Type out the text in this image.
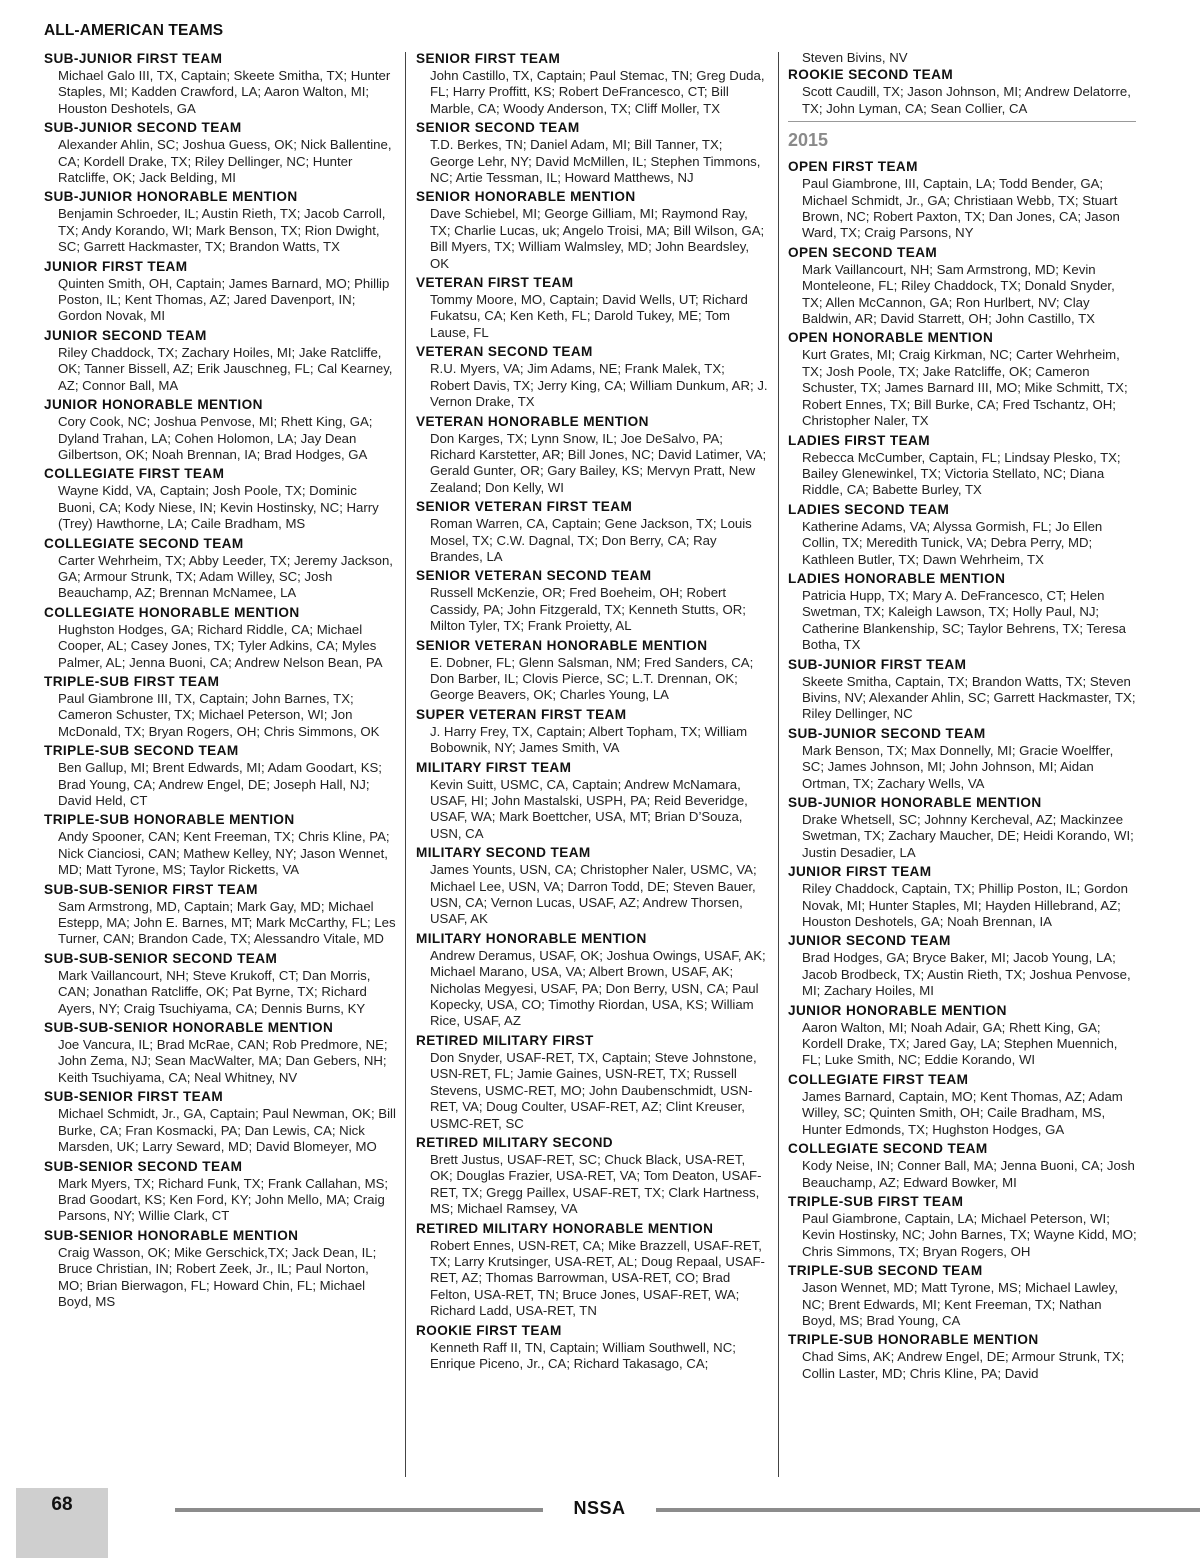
ALL-AMERICAN TEAMS
SUB-JUNIOR FIRST TEAM
Michael Galo III, TX, Captain; Skeete Smitha, TX; Hunter Staples, MI; Kadden Crawford, LA; Aaron Walton, MI; Houston Deshotels, GA
SUB-JUNIOR SECOND TEAM
Alexander Ahlin, SC; Joshua Guess, OK; Nick Ballentine, CA; Kordell Drake, TX; Riley Dellinger, NC; Hunter Ratcliffe, OK; Jack Belding, MI
SUB-JUNIOR HONORABLE MENTION
Benjamin Schroeder, IL; Austin Rieth, TX; Jacob Carroll, TX; Andy Korando, WI; Mark Benson, TX; Rion Dwight, SC; Garrett Hackmaster, TX; Brandon Watts, TX
JUNIOR FIRST TEAM
Quinten Smith, OH, Captain; James Barnard, MO; Phillip Poston, IL; Kent Thomas, AZ; Jared Davenport, IN; Gordon Novak, MI
JUNIOR SECOND TEAM
Riley Chaddock, TX; Zachary Hoiles, MI; Jake Ratcliffe, OK; Tanner Bissell, AZ; Erik Jauschneg, FL; Cal Kearney, AZ; Connor Ball, MA
JUNIOR HONORABLE MENTION
Cory Cook, NC; Joshua Penvose, MI; Rhett King, GA; Dyland Trahan, LA; Cohen Holomon, LA; Jay Dean Gilbertson, OK; Noah Brennan, IA; Brad Hodges, GA
COLLEGIATE FIRST TEAM
Wayne Kidd, VA, Captain; Josh Poole, TX; Dominic Buoni, CA; Kody Niese, IN; Kevin Hostinsky, NC; Harry (Trey) Hawthorne, LA; Caile Bradham, MS
COLLEGIATE SECOND TEAM
Carter Wehrheim, TX; Abby Leeder, TX; Jeremy Jackson, GA; Armour Strunk, TX; Adam Willey, SC; Josh Beauchamp, AZ; Brennan McNamee, LA
COLLEGIATE HONORABLE MENTION
Hughston Hodges, GA; Richard Riddle, CA; Michael Cooper, AL; Casey Jones, TX; Tyler Adkins, CA; Myles Palmer, AL; Jenna Buoni, CA; Andrew Nelson Bean, PA
TRIPLE-SUB FIRST TEAM
Paul Giambrone III, TX, Captain; John Barnes, TX; Cameron Schuster, TX; Michael Peterson, WI; Jon McDonald, TX; Bryan Rogers, OH; Chris Simmons, OK
TRIPLE-SUB SECOND TEAM
Ben Gallup, MI; Brent Edwards, MI; Adam Goodart, KS; Brad Young, CA; Andrew Engel, DE; Joseph Hall, NJ; David Held, CT
TRIPLE-SUB HONORABLE MENTION
Andy Spooner, CAN; Kent Freeman, TX; Chris Kline, PA; Nick Cianciosi, CAN; Mathew Kelley, NY; Jason Wennet, MD; Matt Tyrone, MS; Taylor Ricketts, VA
SUB-SUB-SENIOR FIRST TEAM
Sam Armstrong, MD, Captain; Mark Gay, MD; Michael Estepp, MA; John E. Barnes, MT; Mark McCarthy, FL; Les Turner, CAN; Brandon Cade, TX; Alessandro Vitale, MD
SUB-SUB-SENIOR SECOND TEAM
Mark Vaillancourt, NH; Steve Krukoff, CT; Dan Morris, CAN; Jonathan Ratcliffe, OK; Pat Byrne, TX; Richard Ayers, NY; Craig Tsuchiyama, CA; Dennis Burns, KY
SUB-SUB-SENIOR HONORABLE MENTION
Joe Vancura, IL; Brad McRae, CAN; Rob Predmore, NE; John Zema, NJ; Sean MacWalter, MA; Dan Gebers, NH; Keith Tsuchiyama, CA; Neal Whitney, NV
SUB-SENIOR FIRST TEAM
Michael Schmidt, Jr., GA, Captain; Paul Newman, OK; Bill Burke, CA; Fran Kosmacki, PA; Dan Lewis, CA; Nick Marsden, UK; Larry Seward, MD; David Blomeyer, MO
SUB-SENIOR SECOND TEAM
Mark Myers, TX; Richard Funk, TX; Frank Callahan, MS; Brad Goodart, KS; Ken Ford, KY; John Mello, MA; Craig Parsons, NY; Willie Clark, CT
SUB-SENIOR HONORABLE MENTION
Craig Wasson, OK; Mike Gerschick,TX; Jack Dean, IL; Bruce Christian, IN; Robert Zeek, Jr., IL; Paul Norton, MO; Brian Bierwagon, FL; Howard Chin, FL; Michael Boyd, MS
SENIOR FIRST TEAM
John Castillo, TX, Captain; Paul Stemac, TN; Greg Duda, FL; Harry Proffitt, KS; Robert DeFrancesco, CT; Bill Marble, CA; Woody Anderson, TX; Cliff Moller, TX
SENIOR SECOND TEAM
T.D. Berkes, TN; Daniel Adam, MI; Bill Tanner, TX; George Lehr, NY; David McMillen, IL; Stephen Timmons, NC; Artie Tessman, IL; Howard Matthews, NJ
SENIOR HONORABLE MENTION
Dave Schiebel, MI; George Gilliam, MI; Raymond Ray, TX; Charlie Lucas, uk; Angelo Troisi, MA; Bill Wilson, GA; Bill Myers, TX; William Walmsley, MD; John Beardsley, OK
VETERAN FIRST TEAM
Tommy Moore, MO, Captain; David Wells, UT; Richard Fukatsu, CA; Ken Keth, FL; Darold Tukey, ME; Tom Lause, FL
VETERAN SECOND TEAM
R.U. Myers, VA; Jim Adams, NE; Frank Malek, TX; Robert Davis, TX; Jerry King, CA; William Dunkum, AR; J. Vernon Drake, TX
VETERAN HONORABLE MENTION
Don Karges, TX; Lynn Snow, IL; Joe DeSalvo, PA; Richard Karstetter, AR; Bill Jones, NC; David Latimer, VA; Gerald Gunter, OR; Gary Bailey, KS; Mervyn Pratt, New Zealand; Don Kelly, WI
SENIOR VETERAN FIRST TEAM
Roman Warren, CA, Captain; Gene Jackson, TX; Louis Mosel, TX; C.W. Dagnal, TX; Don Berry, CA; Ray Brandes, LA
SENIOR VETERAN SECOND TEAM
Russell McKenzie, OR; Fred Boeheim, OH; Robert Cassidy, PA; John Fitzgerald, TX; Kenneth Stutts, OR; Milton Tyler, TX; Frank Proietty, AL
SENIOR VETERAN HONORABLE MENTION
E. Dobner, FL; Glenn Salsman, NM; Fred Sanders, CA; Don Barber, IL; Clovis Pierce, SC; L.T. Drennan, OK; George Beavers, OK; Charles Young, LA
SUPER VETERAN FIRST TEAM
J. Harry Frey, TX, Captain; Albert Topham, TX; William Bobownik, NY; James Smith, VA
MILITARY FIRST TEAM
Kevin Suitt, USMC, CA, Captain; Andrew McNamara, USAF, HI; John Mastalski, USPH, PA; Reid Beveridge, USAF, WA; Mark Boettcher, USA, MT; Brian D’Souza, USN, CA
MILITARY SECOND TEAM
James Younts, USN, CA; Christopher Naler, USMC, VA; Michael Lee, USN, VA; Darron Todd, DE; Steven Bauer, USN, CA; Vernon Lucas, USAF, AZ; Andrew Thorsen, USAF, AK
MILITARY HONORABLE MENTION
Andrew Deramus, USAF, OK; Joshua Owings, USAF, AK; Michael Marano, USA, VA; Albert Brown, USAF, AK; Nicholas Megyesi, USAF, PA; Don Berry, USN, CA; Paul Kopecky, USA, CO; Timothy Riordan, USA, KS; William Rice, USAF, AZ
RETIRED MILITARY FIRST
Don Snyder, USAF-RET, TX, Captain; Steve Johnstone, USN-RET, FL; Jamie Gaines, USN-RET, TX; Russell Stevens, USMC-RET, MO; John Daubenschmidt, USN-RET, VA; Doug Coulter, USAF-RET, AZ; Clint Kreuser, USMC-RET, SC
RETIRED MILITARY SECOND
Brett Justus, USAF-RET, SC; Chuck Black, USA-RET, OK; Douglas Frazier, USA-RET, VA; Tom Deaton, USAF-RET, TX; Gregg Paillex, USAF-RET, TX; Clark Hartness, MS; Michael Ramsey, VA
RETIRED MILITARY HONORABLE MENTION
Robert Ennes, USN-RET, CA; Mike Brazzell, USAF-RET, TX; Larry Krutsinger, USA-RET, AL; Doug Repaal, USAF-RET, AZ; Thomas Barrowman, USA-RET, CO; Brad Felton, USA-RET, TN; Bruce Jones, USAF-RET, WA; Richard Ladd, USA-RET, TN
ROOKIE FIRST TEAM
Kenneth Raff II, TN, Captain; William Southwell, NC; Enrique Piceno, Jr., CA; Richard Takasago, CA;
Steven Bivins, NV
ROOKIE SECOND TEAM
Scott Caudill, TX; Jason Johnson, MI; Andrew Delatorre, TX; John Lyman, CA; Sean Collier, CA
2015
OPEN FIRST TEAM
Paul Giambrone, III, Captain, LA; Todd Bender, GA; Michael Schmidt, Jr., GA; Christiaan Webb, TX; Stuart Brown, NC; Robert Paxton, TX; Dan Jones, CA; Jason Ward, TX; Craig Parsons, NY
OPEN SECOND TEAM
Mark Vaillancourt, NH; Sam Armstrong, MD; Kevin Monteleone, FL; Riley Chaddock, TX; Donald Snyder, TX; Allen McCannon, GA; Ron Hurlbert, NV; Clay Baldwin, AR; David Starrett, OH; John Castillo, TX
OPEN HONORABLE MENTION
Kurt Grates, MI; Craig Kirkman, NC; Carter Wehrheim, TX; Josh Poole, TX; Jake Ratcliffe, OK; Cameron Schuster, TX; James Barnard III, MO; Mike Schmitt, TX; Robert Ennes, TX; Bill Burke, CA; Fred Tschantz, OH; Christopher Naler, TX
LADIES FIRST TEAM
Rebecca McCumber, Captain, FL; Lindsay Plesko, TX; Bailey Glenewinkel, TX; Victoria Stellato, NC; Diana Riddle, CA; Babette Burley, TX
LADIES SECOND TEAM
Katherine Adams, VA; Alyssa Gormish, FL; Jo Ellen Collin, TX; Meredith Tunick, VA; Debra Perry, MD; Kathleen Butler, TX; Dawn Wehrheim, TX
LADIES HONORABLE MENTION
Patricia Hupp, TX; Mary A. DeFrancesco, CT; Helen Swetman, TX; Kaleigh Lawson, TX; Holly Paul, NJ; Catherine Blankenship, SC; Taylor Behrens, TX; Teresa Botha, TX
SUB-JUNIOR FIRST TEAM
Skeete Smitha, Captain, TX; Brandon Watts, TX; Steven Bivins, NV; Alexander Ahlin, SC; Garrett Hackmaster, TX; Riley Dellinger, NC
SUB-JUNIOR SECOND TEAM
Mark Benson, TX; Max Donnelly, MI; Gracie Woelffer, SC; James Johnson, MI; John Johnson, MI; Aidan Ortman, TX; Zachary Wells, VA
SUB-JUNIOR HONORABLE MENTION
Drake Whetsell, SC; Johnny Kercheval, AZ; Mackinzee Swetman, TX; Zachary Maucher, DE; Heidi Korando, WI; Justin Desadier, LA
JUNIOR FIRST TEAM
Riley Chaddock, Captain, TX; Phillip Poston, IL; Gordon Novak, MI; Hunter Staples, MI; Hayden Hillebrand, AZ; Houston Deshotels, GA; Noah Brennan, IA
JUNIOR SECOND TEAM
Brad Hodges, GA; Bryce Baker, MI; Jacob Young, LA; Jacob Brodbeck, TX; Austin Rieth, TX; Joshua Penvose, MI; Zachary Hoiles, MI
JUNIOR HONORABLE MENTION
Aaron Walton, MI; Noah Adair, GA; Rhett King, GA; Kordell Drake, TX; Jared Gay, LA; Stephen Muennich, FL; Luke Smith, NC; Eddie Korando, WI
COLLEGIATE FIRST TEAM
James Barnard, Captain, MO; Kent Thomas, AZ; Adam Willey, SC; Quinten Smith, OH; Caile Bradham, MS, Hunter Edmonds, TX; Hughston Hodges, GA
COLLEGIATE SECOND TEAM
Kody Neise, IN; Conner Ball, MA; Jenna Buoni, CA; Josh Beauchamp, AZ; Edward Bowker, MI
TRIPLE-SUB FIRST TEAM
Paul Giambrone, Captain, LA; Michael Peterson, WI; Kevin Hostinsky, NC; John Barnes, TX; Wayne Kidd, MO; Chris Simmons, TX; Bryan Rogers, OH
TRIPLE-SUB SECOND TEAM
Jason Wennet, MD; Matt Tyrone, MS; Michael Lawley, NC; Brent Edwards, MI; Kent Freeman, TX; Nathan Boyd, MS; Brad Young, CA
TRIPLE-SUB HONORABLE MENTION
Chad Sims, AK; Andrew Engel, DE; Armour Strunk, TX; Collin Laster, MD; Chris Kline, PA; David
68	NSSA
